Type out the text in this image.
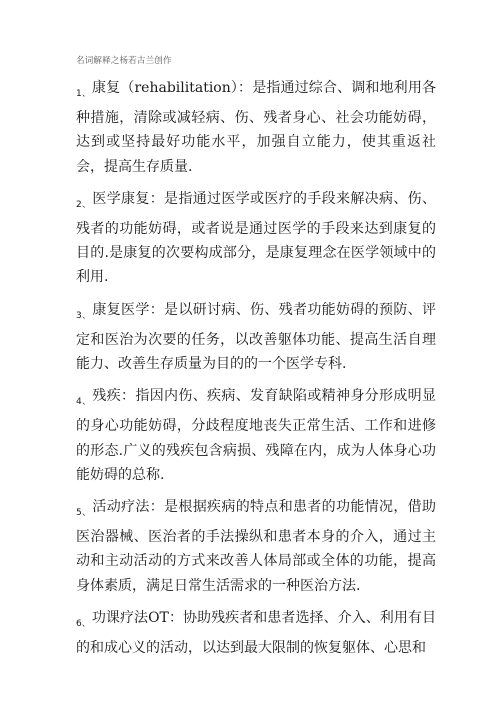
名词解释之杨若古兰创作

$_{1、}$康复（rehabilitation）：是指通过综合、调和地利用各种措施，清除或减轻病、伤、残者身心、社会功能妨碍，达到或坚持最好功能水平，加强自立能力，使其重返社会，提高生存质量.

$_{2、}$医学康复：是指通过医学或医疗的手段来解决病、伤、残者的功能妨碍，或者说是通过医学的手段来达到康复的目的.是康复的次要构成部分，是康复理念在医学领域中的利用.

$_{3、}$康复医学：是以研讨病、伤、残者功能妨碍的预防、评定和医治为次要的任务，以改善躯体功能、提高生活自理能力、改善生存质量为目的的一个医学专科.

$_{4、}$残疾：指因内伤、疾病、发育缺陷或精神身分形成明显的身心功能妨碍，分歧程度地丧失正常生活、工作和进修的形态.广义的残疾包含病损、残障在内，成为人体身心功能妨碍的总称.

$_{5、}$活动疗法：是根据疾病的特点和患者的功能情况，借助医治器械、医治者的手法操纵和患者本身的介入，通过主动和主动活动的方式来改善人体局部或全体的功能，提高身体素质，满足日常生活需求的一种医治方法.

$_{6、}$功课疗法OT：协助残疾者和患者选择、介入、利用有目的和成心义的活动，以达到最大限制的恢复躯体、心思和
